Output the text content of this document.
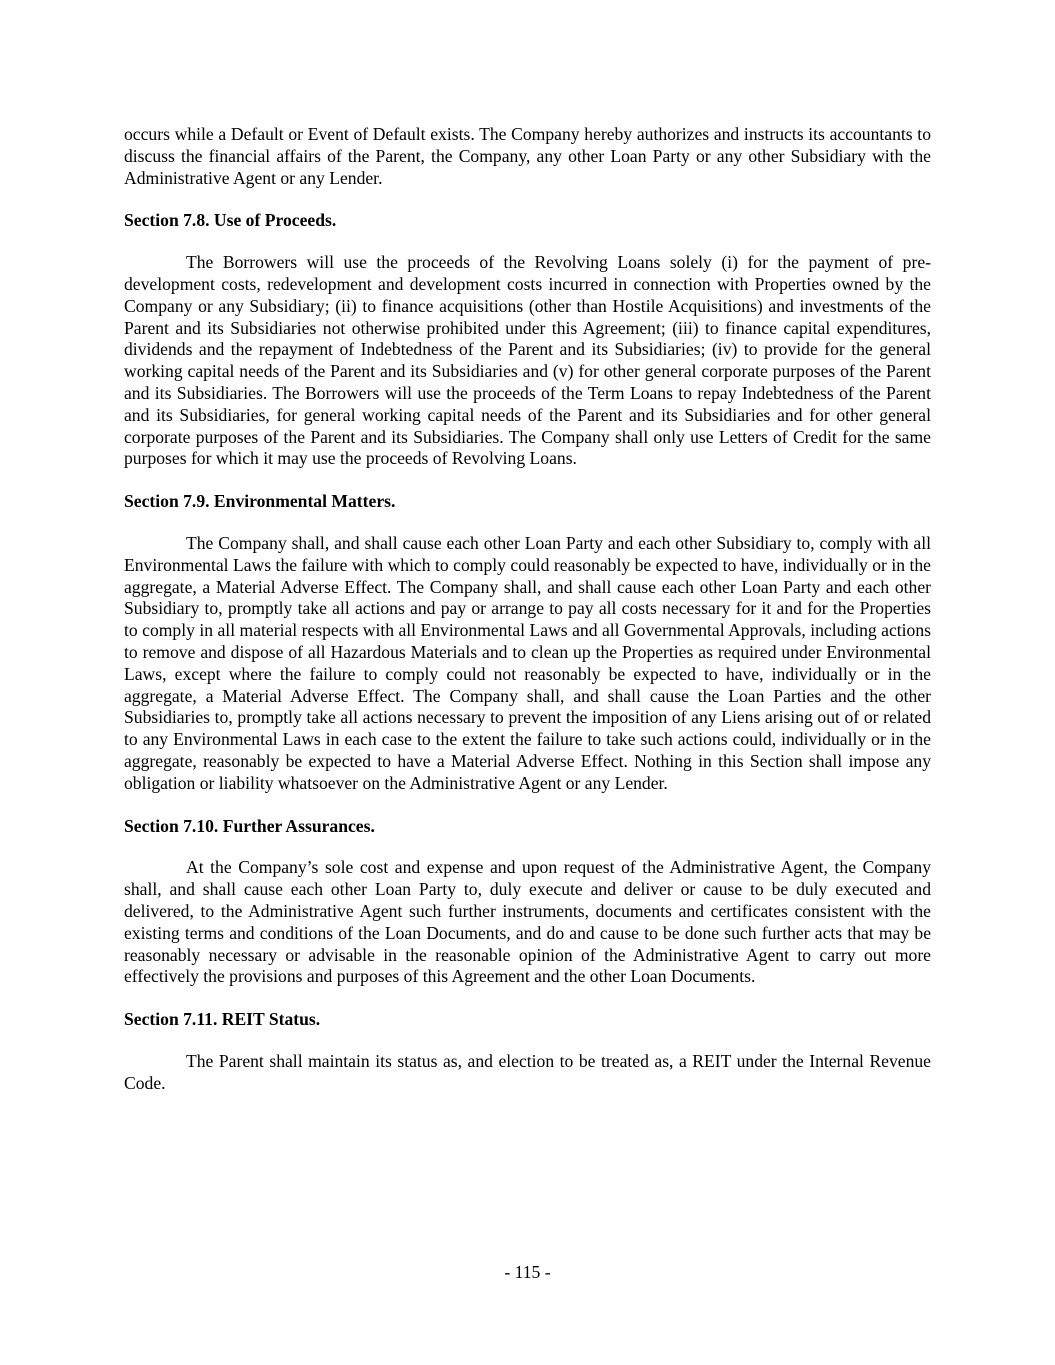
occurs while a Default or Event of Default exists. The Company hereby authorizes and instructs its accountants to discuss the financial affairs of the Parent, the Company, any other Loan Party or any other Subsidiary with the Administrative Agent or any Lender.

Section 7.8. Use of Proceeds.

The Borrowers will use the proceeds of the Revolving Loans solely (i) for the payment of pre-development costs, redevelopment and development costs incurred in connection with Properties owned by the Company or any Subsidiary; (ii) to finance acquisitions (other than Hostile Acquisitions) and investments of the Parent and its Subsidiaries not otherwise prohibited under this Agreement; (iii) to finance capital expenditures, dividends and the repayment of Indebtedness of the Parent and its Subsidiaries; (iv) to provide for the general working capital needs of the Parent and its Subsidiaries and (v) for other general corporate purposes of the Parent and its Subsidiaries. The Borrowers will use the proceeds of the Term Loans to repay Indebtedness of the Parent and its Subsidiaries, for general working capital needs of the Parent and its Subsidiaries and for other general corporate purposes of the Parent and its Subsidiaries. The Company shall only use Letters of Credit for the same purposes for which it may use the proceeds of Revolving Loans.

Section 7.9. Environmental Matters.

The Company shall, and shall cause each other Loan Party and each other Subsidiary to, comply with all Environmental Laws the failure with which to comply could reasonably be expected to have, individually or in the aggregate, a Material Adverse Effect. The Company shall, and shall cause each other Loan Party and each other Subsidiary to, promptly take all actions and pay or arrange to pay all costs necessary for it and for the Properties to comply in all material respects with all Environmental Laws and all Governmental Approvals, including actions to remove and dispose of all Hazardous Materials and to clean up the Properties as required under Environmental Laws, except where the failure to comply could not reasonably be expected to have, individually or in the aggregate, a Material Adverse Effect. The Company shall, and shall cause the Loan Parties and the other Subsidiaries to, promptly take all actions necessary to prevent the imposition of any Liens arising out of or related to any Environmental Laws in each case to the extent the failure to take such actions could, individually or in the aggregate, reasonably be expected to have a Material Adverse Effect. Nothing in this Section shall impose any obligation or liability whatsoever on the Administrative Agent or any Lender.

Section 7.10. Further Assurances.

At the Company’s sole cost and expense and upon request of the Administrative Agent, the Company shall, and shall cause each other Loan Party to, duly execute and deliver or cause to be duly executed and delivered, to the Administrative Agent such further instruments, documents and certificates consistent with the existing terms and conditions of the Loan Documents, and do and cause to be done such further acts that may be reasonably necessary or advisable in the reasonable opinion of the Administrative Agent to carry out more effectively the provisions and purposes of this Agreement and the other Loan Documents.

Section 7.11. REIT Status.

The Parent shall maintain its status as, and election to be treated as, a REIT under the Internal Revenue Code.

- 115 -
